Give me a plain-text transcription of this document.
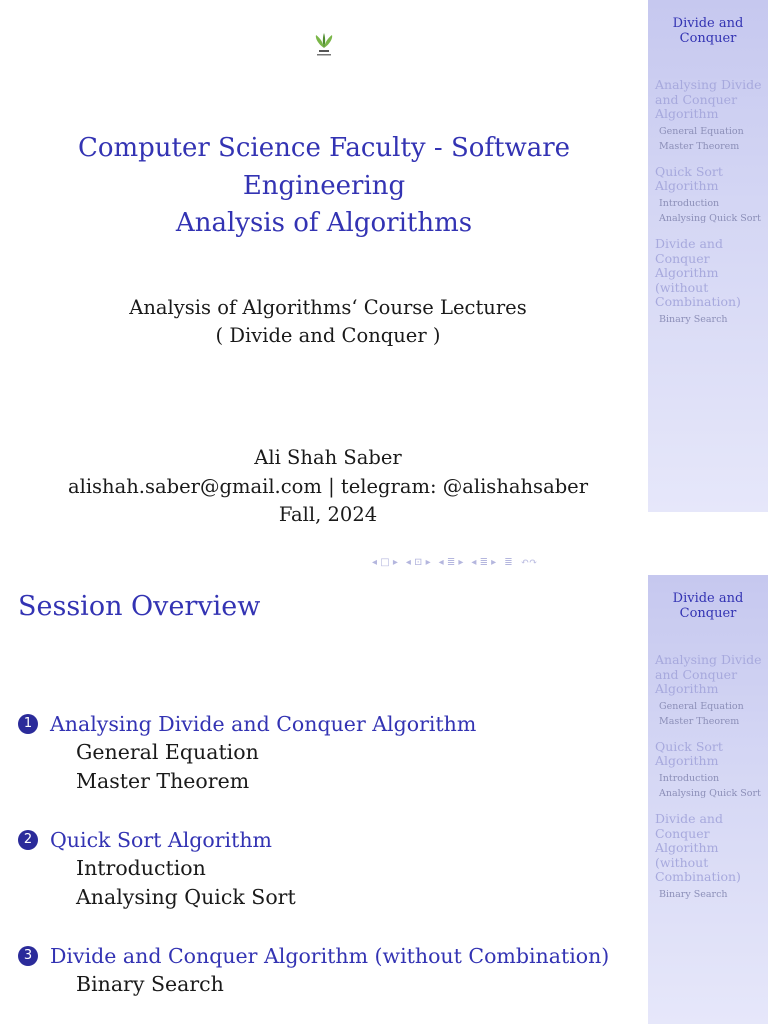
Computer Science Faculty - Software
Engineering
Analysis of Algorithms
Analysis of Algorithms‘ Course Lectures
( Divide and Conquer )
Ali Shah Saber
alishah.saber@gmail.com | telegram: @alishahsaber
Fall, 2024
Divide and Conquer
Analysing Divide and Conquer Algorithm
General Equation
Master Theorem
Quick Sort Algorithm
Introduction
Analysing Quick Sort
Divide and Conquer Algorithm (without Combination)
Binary Search
◂ □ ▸ ◂ ⊡ ▸ ◂ ≣ ▸ ◂ ≣ ▸ ≣ ↶↷
Session Overview
1 Analysing Divide and Conquer Algorithm
General Equation
Master Theorem
2 Quick Sort Algorithm
Introduction
Analysing Quick Sort
3 Divide and Conquer Algorithm (without Combination)
Binary Search
Divide and Conquer
Analysing Divide and Conquer Algorithm
General Equation
Master Theorem
Quick Sort Algorithm
Introduction
Analysing Quick Sort
Divide and Conquer Algorithm (without Combination)
Binary Search
